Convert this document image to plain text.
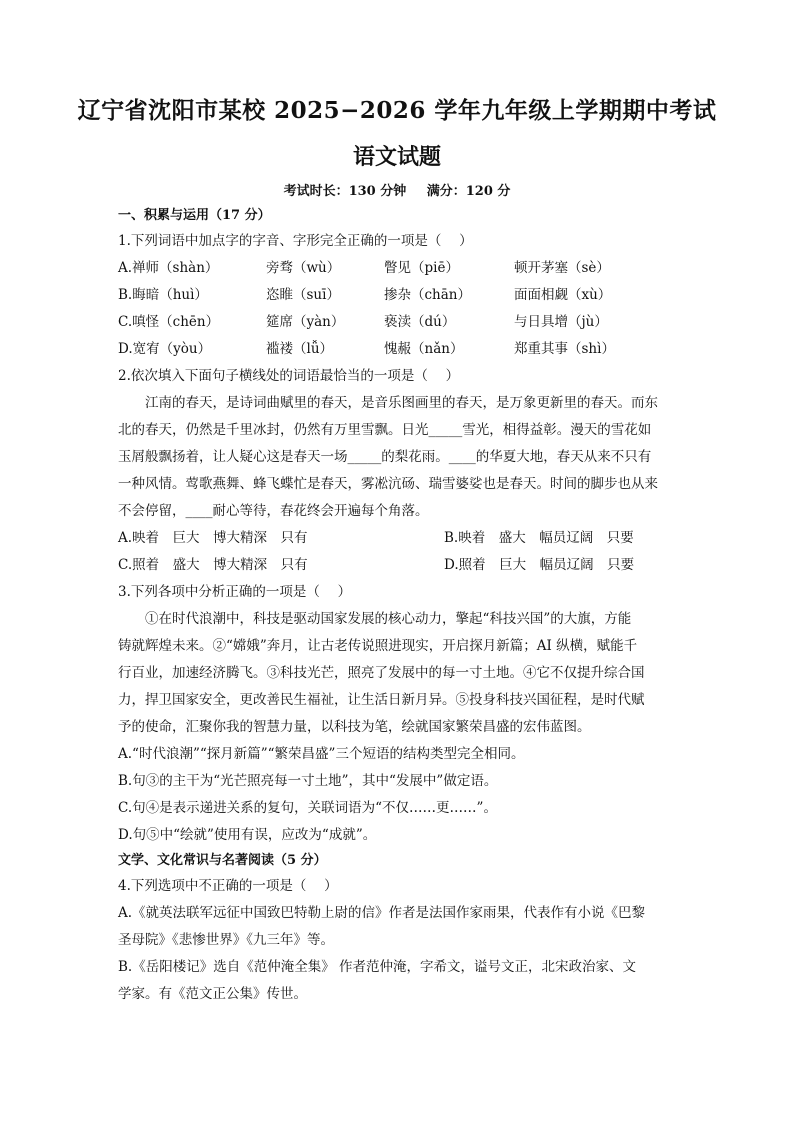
辽宁省沈阳市某校 2025−2026 学年九年级上学期期中考试
语文试题
考试时长：130 分钟 满分：120 分
一、积累与运用（17 分）
1.下列词语中加点字的字音、字形完全正确的一项是（　 ）
A.禅师（shàn）	旁骛（wù）	瞥见（piē）	顿开茅塞（sè）
B.晦暗（huì）	恣睢（suī）	掺杂（chān）	面面相觑（xù）
C.嗔怪（chēn）	筵席（yàn）	亵渎（dú）	与日具增（jù）
D.宽宥（yòu）	褴褛（lǚ）	愧赧（nǎn）	郑重其事（shì）
2.依次填入下面句子横线处的词语最恰当的一项是（　 ）
江南的春天，是诗词曲赋里的春天，是音乐图画里的春天，是万象更新里的春天。而东
北的春天，仍然是千里冰封，仍然有万里雪飘。日光_____雪光，相得益彰。漫天的雪花如
玉屑般飘扬着，让人疑心这是春天一场_____的梨花雨。____的华夏大地，春天从来不只有
一种风情。莺歌燕舞、蜂飞蝶忙是春天，雾凇沆砀、瑞雪婆娑也是春天。时间的脚步也从来
不会停留，____耐心等待，春花终会开遍每个角落。
A.映着　巨大　博大精深　只有	B.映着　盛大　幅员辽阔　只要
C.照着　盛大　博大精深　只有	D.照着　巨大　幅员辽阔　只要
3.下列各项中分析正确的一项是（　 ）
①在时代浪潮中，科技是驱动国家发展的核心动力，擎起“科技兴国”的大旗，方能
铸就辉煌未来。②“嫦娥”奔月，让古老传说照进现实，开启探月新篇；AI 纵横，赋能千
行百业，加速经济腾飞。③科技光芒，照亮了发展中的每一寸土地。④它不仅提升综合国
力，捍卫国家安全，更改善民生福祉，让生活日新月异。⑤投身科技兴国征程，是时代赋
予的使命，汇聚你我的智慧力量，以科技为笔，绘就国家繁荣昌盛的宏伟蓝图。
A.“时代浪潮”“探月新篇”“繁荣昌盛”三个短语的结构类型完全相同。
B.句③的主干为“光芒照亮每一寸土地”，其中“发展中”做定语。
C.句④是表示递进关系的复句，关联词语为“不仅……更……”。
D.句⑤中“绘就”使用有误，应改为“成就”。
文学、文化常识与名著阅读（5 分）
4.下列选项中不正确的一项是（　 ）
A.《就英法联军远征中国致巴特勒上尉的信》作者是法国作家雨果，代表作有小说《巴黎
圣母院》《悲惨世界》《九三年》等。
B.《岳阳楼记》选自《范仲淹全集》 作者范仲淹，字希文，谥号文正，北宋政治家、文
学家。有《范文正公集》传世。
